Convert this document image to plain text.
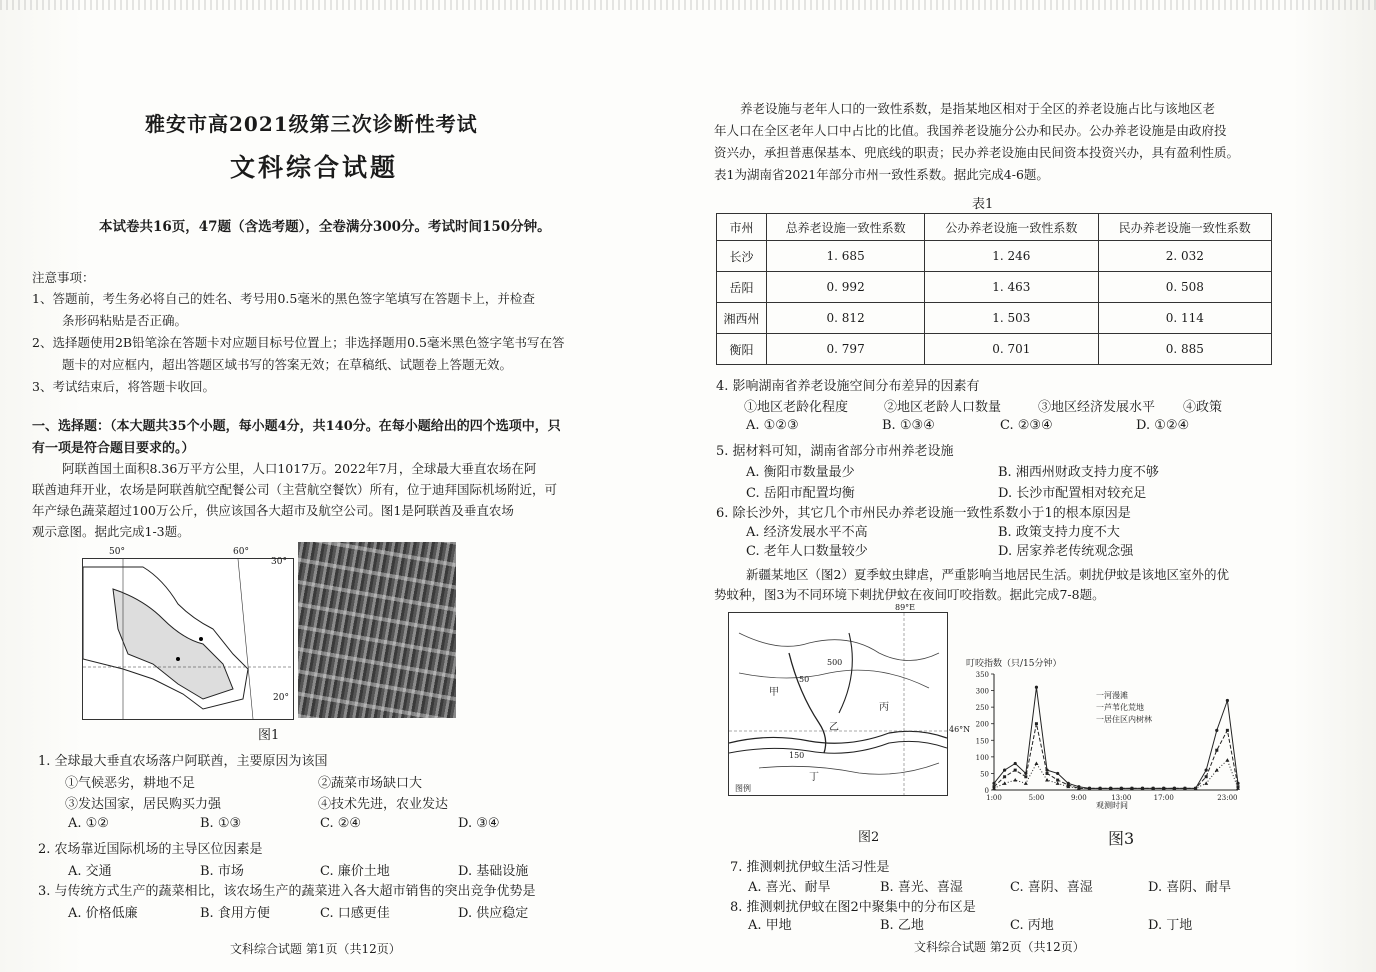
雅安市高2021级第三次诊断性考试
文科综合试题
本试卷共16页，47题（含选考题），全卷满分300分。考试时间150分钟。
注意事项：
1、答题前，考生务必将自己的姓名、考号用0.5毫米的黑色签字笔填写在答题卡上，并检查
条形码粘贴是否正确。
2、选择题使用2B铅笔涂在答题卡对应题目标号位置上；非选择题用0.5毫米黑色签字笔书写在答
题卡的对应框内，超出答题区域书写的答案无效；在草稿纸、试题卷上答题无效。
3、考试结束后，将答题卡收回。
一、选择题：（本大题共35个小题，每小题4分，共140分。在每小题给出的四个选项中，只
有一项是符合题目要求的。）
阿联酋国土面积8.36万平方公里，人口1017万。2022年7月，全球最大垂直农场在阿
联酋迪拜开业，农场是阿联酋航空配餐公司（主营航空餐饮）所有，位于迪拜国际机场附近，可
年产绿色蔬菜超过100万公斤，供应该国各大超市及航空公司。图1是阿联酋及垂直农场
观示意图。据此完成1-3题。
50°	60°
30°
20°
图1
1. 全球最大垂直农场落户阿联酋，主要原因为该国
①气候恶劣，耕地不足	②蔬菜市场缺口大
③发达国家，居民购买力强	④技术先进，农业发达
A. ①②	B. ①③	C. ②④	D. ③④
2. 农场靠近国际机场的主导区位因素是
A. 交通	B. 市场	C. 廉价土地	D. 基础设施
3. 与传统方式生产的蔬菜相比，该农场生产的蔬菜进入各大超市销售的突出竞争优势是
A. 价格低廉	B. 食用方便	C. 口感更佳	D. 供应稳定
文科综合试题 第1页（共12页）
养老设施与老年人口的一致性系数，是指某地区相对于全区的养老设施占比与该地区老
年人口在全区老年人口中占比的比值。我国养老设施分公办和民办。公办养老设施是由政府投
资兴办，承担普惠保基本、兜底线的职责；民办养老设施由民间资本投资兴办，具有盈利性质。
表1为湖南省2021年部分市州一致性系数。据此完成4-6题。
表1
市州	总养老设施一致性系数	公办养老设施一致性系数	民办养老设施一致性系数
长沙	1. 685	1. 246	2. 032
岳阳	0. 992	1. 463	0. 508
湘西州	0. 812	1. 503	0. 114
衡阳	0. 797	0. 701	0. 885
4. 影响湖南省养老设施空间分布差异的因素有
①地区老龄化程度	②地区老龄人口数量	③地区经济发展水平 ④政策
A. ①②③	B. ①③④	C. ②③④	D. ①②④
5. 据材料可知，湖南省部分市州养老设施
A. 衡阳市数量最少	B. 湘西州财政支持力度不够
C. 岳阳市配置均衡	D. 长沙市配置相对较充足
6. 除长沙外，其它几个市州民办养老设施一致性系数小于1的根本原因是
A. 经济发展水平不高	B. 政策支持力度不大
C. 老年人口数量较少	D. 居家养老传统观念强
新疆某地区（图2）夏季蚊虫肆虐，严重影响当地居民生活。刺扰伊蚊是该地区室外的优
势蚊种，图3为不同环境下刺扰伊蚊在夜间叮咬指数。据此完成7-8题。
89°E
46°N
甲
乙
丙
丁
500
50
150
图例
图2
叮咬指数（只/15分钟）
0
50
100
150
200
250
300
350
1:00	5:00	9:00	13:00	17:00	23:00
观测时间
图3
一河漫滩
一芦苇化荒地
一居住区内树林
7. 推测刺扰伊蚊生活习性是
A. 喜光、耐旱	B. 喜光、喜湿	C. 喜阴、喜湿	D. 喜阴、耐旱
8. 推测刺扰伊蚊在图2中聚集中的分布区是
A. 甲地	B. 乙地	C. 丙地	D. 丁地
文科综合试题 第2页（共12页）
